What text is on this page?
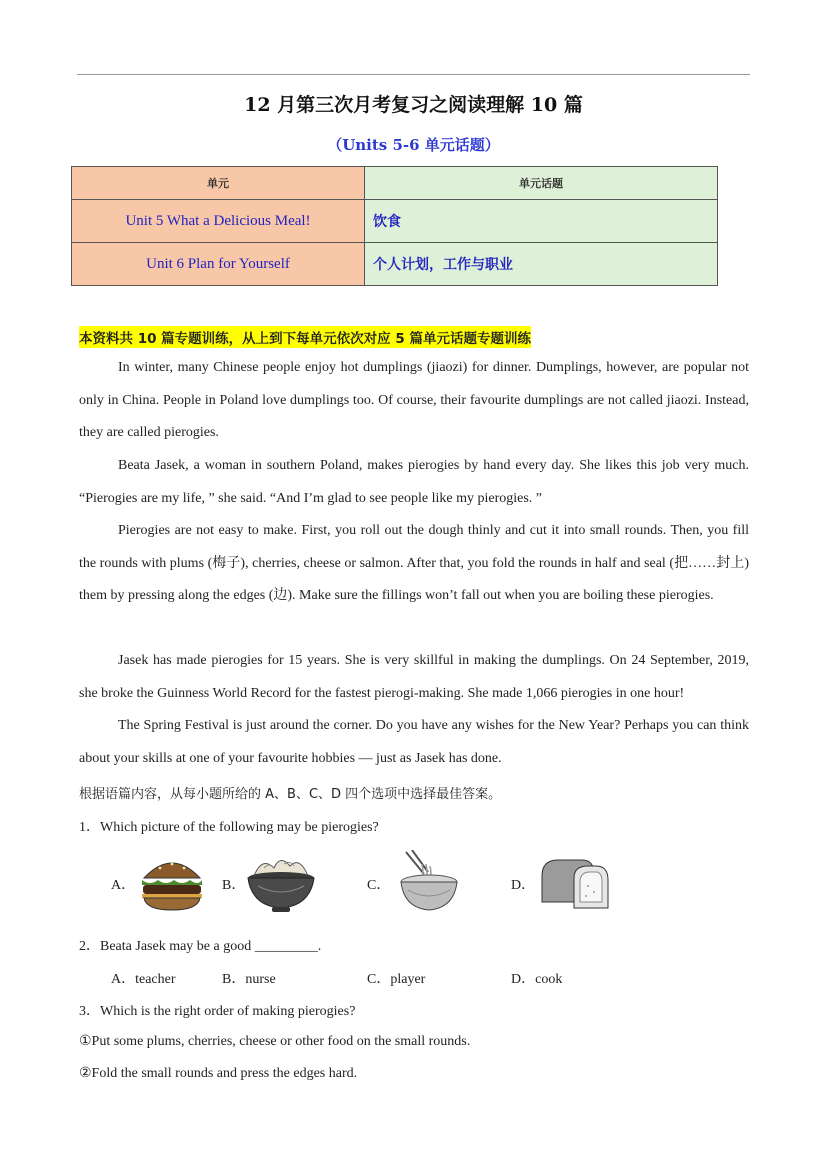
12 月第三次月考复习之阅读理解 10 篇
（Units 5-6 单元话题）
单元	单元话题
Unit 5 What a Delicious Meal!	饮食
Unit 6 Plan for Yourself	个人计划，工作与职业
本资料共 10 篇专题训练，从上到下每单元依次对应 5 篇单元话题专题训练
In winter, many Chinese people enjoy hot dumplings (jiaozi) for dinner. Dumplings, however, are popular not only in China. People in Poland love dumplings too. Of course, their favourite dumplings are not called jiaozi. Instead, they are called pierogies.
Beata Jasek, a woman in southern Poland, makes pierogies by hand every day. She likes this job very much. “Pierogies are my life, ” she said. “And I’m glad to see people like my pierogies. ”
Pierogies are not easy to make. First, you roll out the dough thinly and cut it into small rounds. Then, you fill the rounds with plums (梅子), cherries, cheese or salmon. After that, you fold the rounds in half and seal (把……封上) them by pressing along the edges (边). Make sure the fillings won’t fall out when you are boiling these pierogies.
Jasek has made pierogies for 15 years. She is very skillful in making the dumplings. On 24 September, 2019, she broke the Guinness World Record for the fastest pierogi-making. She made 1,066 pierogies in one hour!
The Spring Festival is just around the corner. Do you have any wishes for the New Year? Perhaps you can think about your skills at one of your favourite hobbies — just as Jasek has done.
根据语篇内容，从每小题所给的 A、B、C、D 四个选项中选择最佳答案。
1．Which picture of the following may be pierogies?
A．	B．	C．	D．
2．Beata Jasek may be a good _________.
A．teacher	B．nurse	C．player	D．cook
3．Which is the right order of making pierogies?
①Put some plums, cherries, cheese or other food on the small rounds.
②Fold the small rounds and press the edges hard.
